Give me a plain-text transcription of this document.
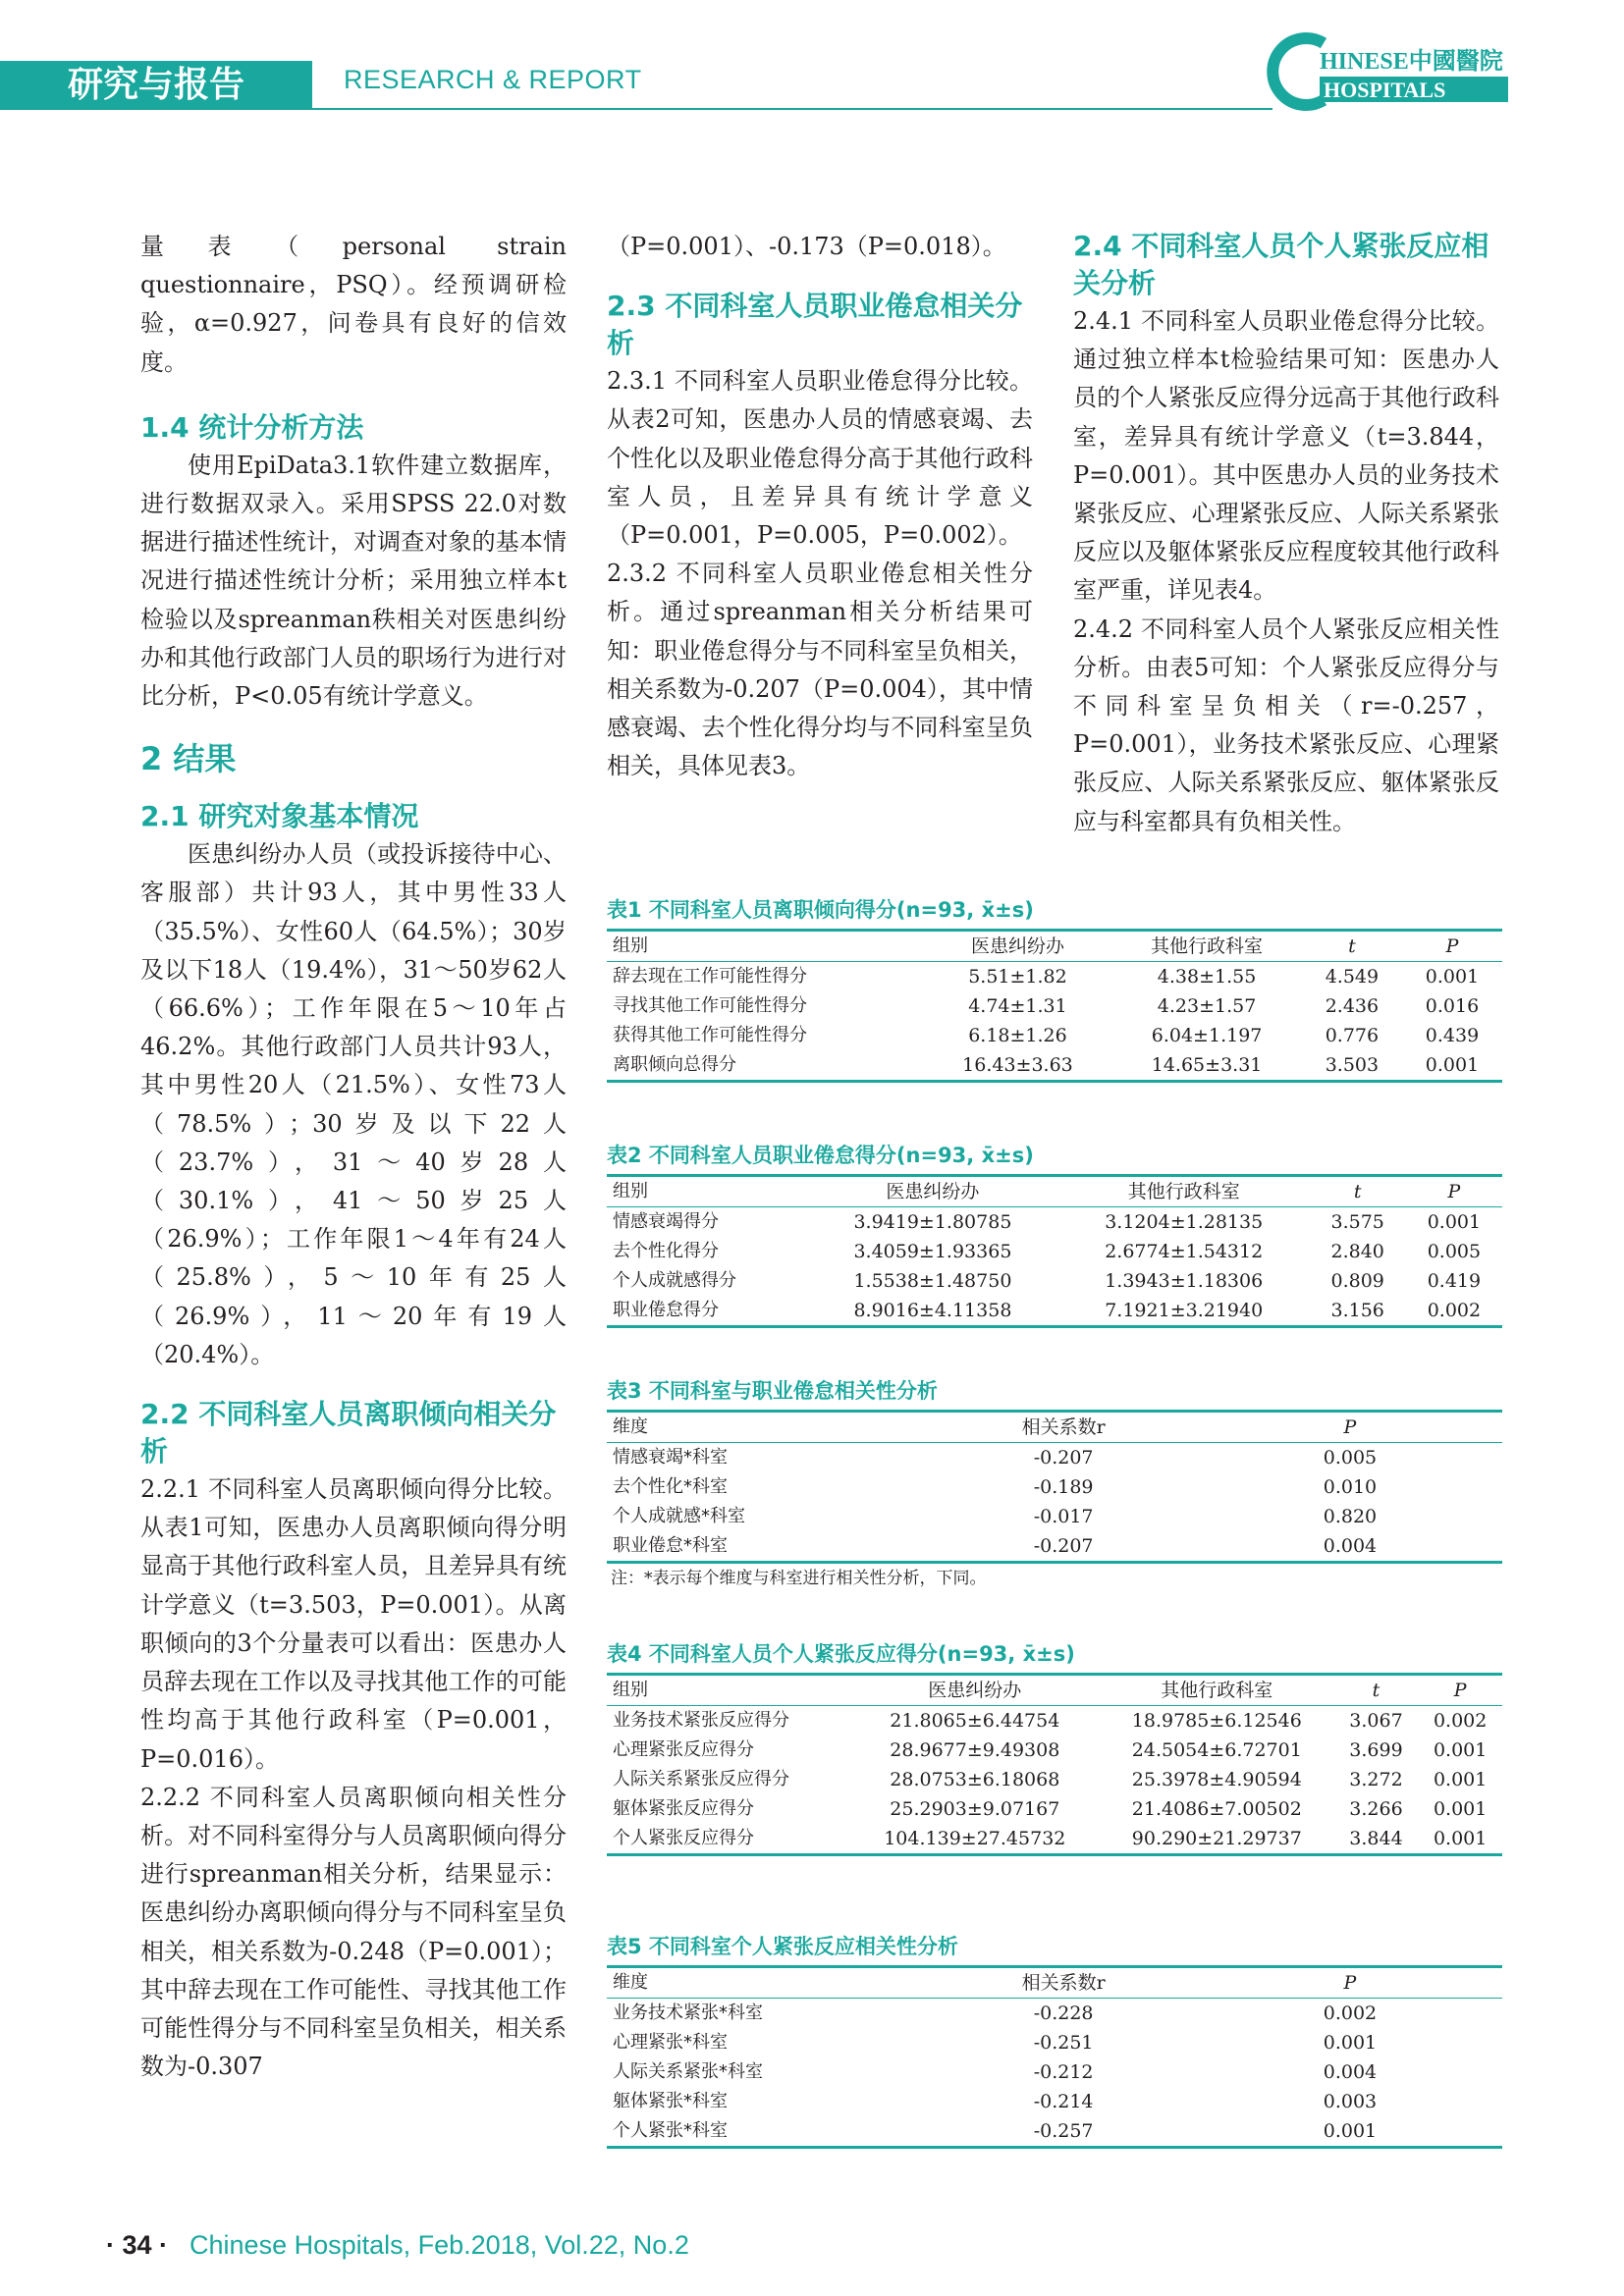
研究与报告	RESEARCH & REPORT
HINESE中國醫院
HOSPITALS

量表（personal strain questionnaire，PSQ）。经预调研检验，α=0.927，问卷具有良好的信效度。

1.4 统计分析方法

使用EpiData3.1软件建立数据库，进行数据双录入。采用SPSS 22.0对数据进行描述性统计，对调查对象的基本情况进行描述性统计分析；采用独立样本t检验以及spreanman秩相关对医患纠纷办和其他行政部门人员的职场行为进行对比分析，P<0.05有统计学意义。

2 结果
2.1 研究对象基本情况

医患纠纷办人员（或投诉接待中心、客服部）共计93人，其中男性33人（35.5%）、女性60人（64.5%）；30岁及以下18人（19.4%），31～50岁62人（66.6%）；工作年限在5～10年占46.2%。其他行政部门人员共计93人，其中男性20人（21.5%）、女性73人（78.5%）；30岁及以下22人（23.7%），31～40岁28人（30.1%），41～50岁25人（26.9%）；工作年限1～4年有24人（25.8%），5～10年有25人（26.9%），11～20年有19人（20.4%）。

2.2 不同科室人员离职倾向相关分析

2.2.1 不同科室人员离职倾向得分比较。从表1可知，医患办人员离职倾向得分明显高于其他行政科室人员，且差异具有统计学意义（t=3.503，P=0.001）。从离职倾向的3个分量表可以看出：医患办人员辞去现在工作以及寻找其他工作的可能性均高于其他行政科室（P=0.001，P=0.016）。

2.2.2 不同科室人员离职倾向相关性分析。对不同科室得分与人员离职倾向得分进行spreanman相关分析，结果显示：医患纠纷办离职倾向得分与不同科室呈负相关，相关系数为-0.248（P=0.001）；其中辞去现在工作可能性、寻找其他工作可能性得分与不同科室呈负相关，相关系数为-0.307

（P=0.001）、-0.173（P=0.018）。

2.3 不同科室人员职业倦怠相关分析

2.3.1 不同科室人员职业倦怠得分比较。从表2可知，医患办人员的情感衰竭、去个性化以及职业倦怠得分高于其他行政科室人员，且差异具有统计学意义（P=0.001，P=0.005，P=0.002）。

2.3.2 不同科室人员职业倦怠相关性分析。通过spreanman相关分析结果可知：职业倦怠得分与不同科室呈负相关，相关系数为-0.207（P=0.004），其中情感衰竭、去个性化得分均与不同科室呈负相关，具体见表3。

2.4 不同科室人员个人紧张反应相关分析

2.4.1 不同科室人员职业倦怠得分比较。通过独立样本t检验结果可知：医患办人员的个人紧张反应得分远高于其他行政科室，差异具有统计学意义（t=3.844，P=0.001）。其中医患办人员的业务技术紧张反应、心理紧张反应、人际关系紧张反应以及躯体紧张反应程度较其他行政科室严重，详见表4。

2.4.2 不同科室人员个人紧张反应相关性分析。由表5可知：个人紧张反应得分与不同科室呈负相关（r=-0.257，P=0.001），业务技术紧张反应、心理紧张反应、人际关系紧张反应、躯体紧张反应与科室都具有负相关性。

表1 不同科室人员离职倾向得分(n=93, x̄±s)
组别	医患纠纷办	其他行政科室	t	P
辞去现在工作可能性得分	5.51±1.82	4.38±1.55	4.549	0.001
寻找其他工作可能性得分	4.74±1.31	4.23±1.57	2.436	0.016
获得其他工作可能性得分	6.18±1.26	6.04±1.197	0.776	0.439
离职倾向总得分	16.43±3.63	14.65±3.31	3.503	0.001
表2 不同科室人员职业倦怠得分(n=93, x̄±s)
组别	医患纠纷办	其他行政科室	t	P
情感衰竭得分	3.9419±1.80785	3.1204±1.28135	3.575	0.001
去个性化得分	3.4059±1.93365	2.6774±1.54312	2.840	0.005
个人成就感得分	1.5538±1.48750	1.3943±1.18306	0.809	0.419
职业倦怠得分	8.9016±4.11358	7.1921±3.21940	3.156	0.002
表3 不同科室与职业倦怠相关性分析
维度	相关系数r	P
情感衰竭*科室	-0.207	0.005
去个性化*科室	-0.189	0.010
个人成就感*科室	-0.017	0.820
职业倦怠*科室	-0.207	0.004
注：*表示每个维度与科室进行相关性分析，下同。
表4 不同科室人员个人紧张反应得分(n=93, x̄±s)
组别	医患纠纷办	其他行政科室	t	P
业务技术紧张反应得分	21.8065±6.44754	18.9785±6.12546	3.067	0.002
心理紧张反应得分	28.9677±9.49308	24.5054±6.72701	3.699	0.001
人际关系紧张反应得分	28.0753±6.18068	25.3978±4.90594	3.272	0.001
躯体紧张反应得分	25.2903±9.07167	21.4086±7.00502	3.266	0.001
个人紧张反应得分	104.139±27.45732	90.290±21.29737	3.844	0.001
表5 不同科室个人紧张反应相关性分析
维度	相关系数r	P
业务技术紧张*科室	-0.228	0.002
心理紧张*科室	-0.251	0.001
人际关系紧张*科室	-0.212	0.004
躯体紧张*科室	-0.214	0.003
个人紧张*科室	-0.257	0.001
· 34 · Chinese Hospitals, Feb.2018, Vol.22, No.2
